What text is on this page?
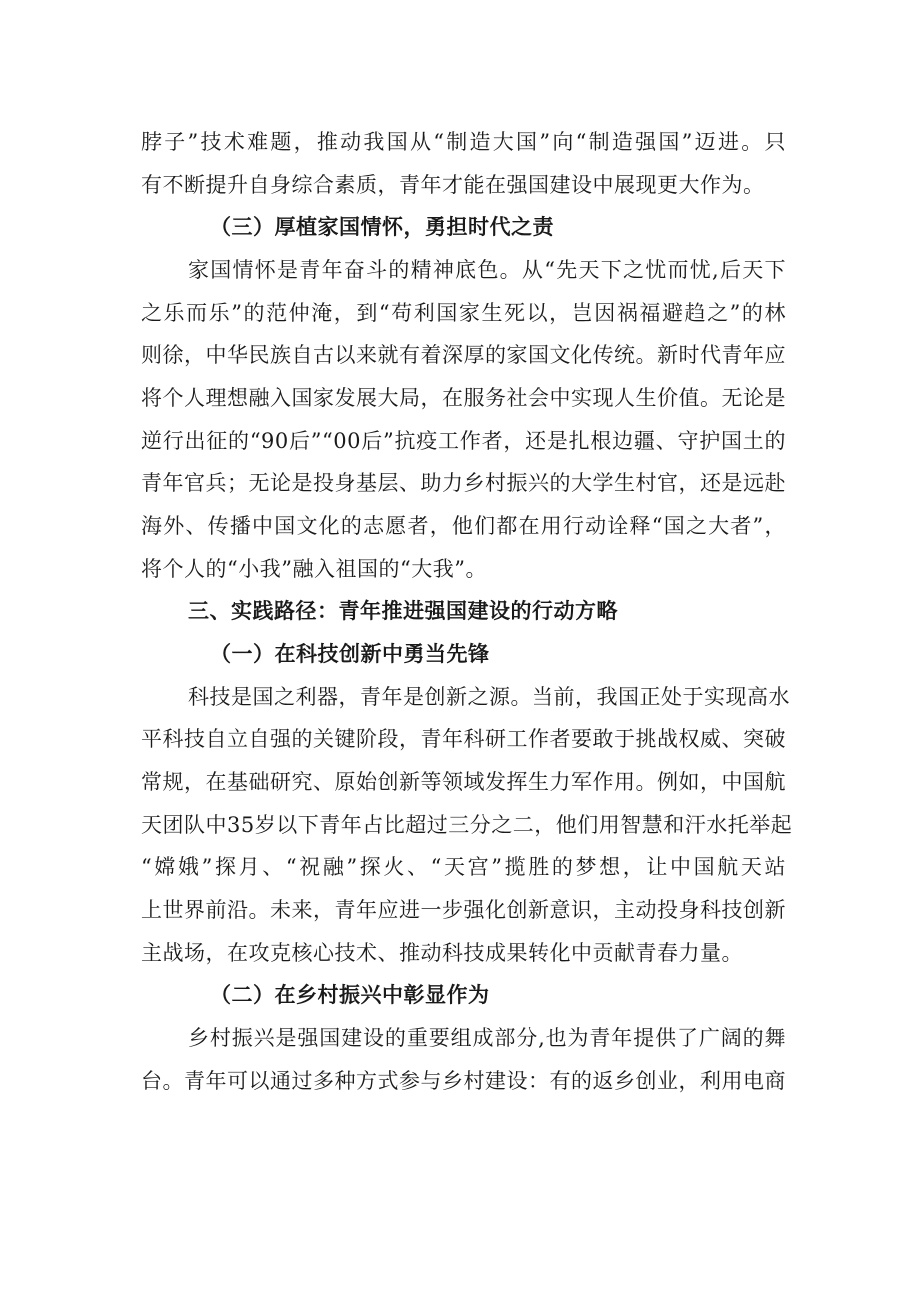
脖子”技术难题，推动我国从“制造大国”向“制造强国”迈进。只
有不断提升自身综合素质，青年才能在强国建设中展现更大作为。
（三）厚植家国情怀，勇担时代之责
家国情怀是青年奋斗的精神底色。从“先天下之忧而忧,后天下
之乐而乐”的范仲淹，到“苟利国家生死以，岂因祸福避趋之”的林
则徐，中华民族自古以来就有着深厚的家国文化传统。新时代青年应
将个人理想融入国家发展大局，在服务社会中实现人生价值。无论是
逆行出征的“90后”“00后”抗疫工作者，还是扎根边疆、守护国土的
青年官兵；无论是投身基层、助力乡村振兴的大学生村官，还是远赴
海外、传播中国文化的志愿者，他们都在用行动诠释“国之大者”，
将个人的“小我”融入祖国的“大我”。
三、实践路径：青年推进强国建设的行动方略
（一）在科技创新中勇当先锋
科技是国之利器，青年是创新之源。当前，我国正处于实现高水
平科技自立自强的关键阶段，青年科研工作者要敢于挑战权威、突破
常规，在基础研究、原始创新等领域发挥生力军作用。例如，中国航
天团队中35岁以下青年占比超过三分之二，他们用智慧和汗水托举起
“嫦娥”探月、“祝融”探火、“天宫”揽胜的梦想，让中国航天站
上世界前沿。未来，青年应进一步强化创新意识，主动投身科技创新
主战场，在攻克核心技术、推动科技成果转化中贡献青春力量。
（二）在乡村振兴中彰显作为
乡村振兴是强国建设的重要组成部分,也为青年提供了广阔的舞
台。青年可以通过多种方式参与乡村建设：有的返乡创业，利用电商
